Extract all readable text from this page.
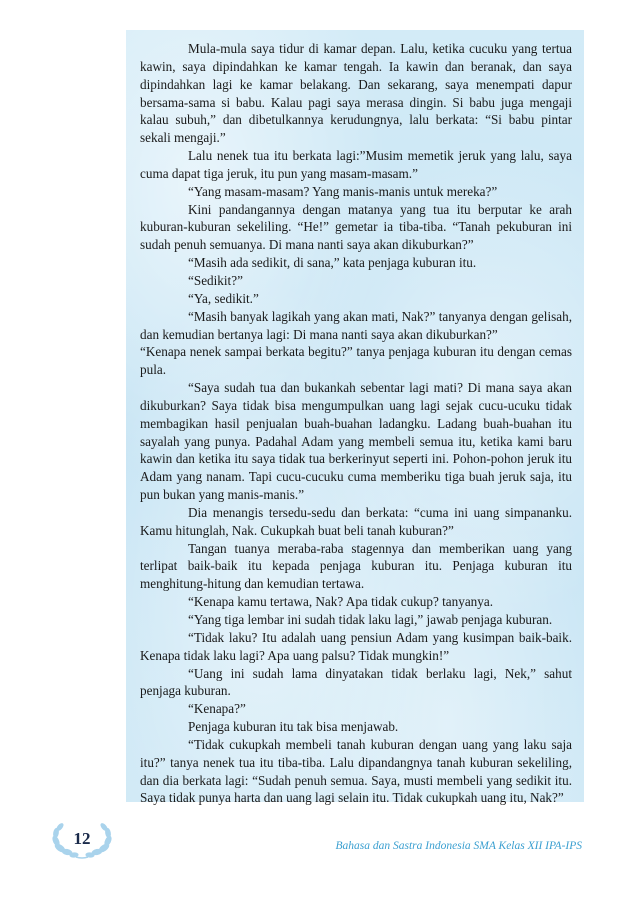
Mula-mula saya tidur di kamar depan. Lalu, ketika cucuku yang tertua kawin, saya dipindahkan ke kamar tengah. Ia kawin dan beranak, dan saya dipindahkan lagi ke kamar belakang. Dan sekarang, saya menempati dapur bersama-sama si babu. Kalau pagi saya merasa dingin. Si babu juga mengaji kalau subuh,” dan dibetulkannya kerudungnya, lalu berkata: “Si babu pintar sekali mengaji.”

Lalu nenek tua itu berkata lagi:”Musim memetik jeruk yang lalu, saya cuma dapat tiga jeruk, itu pun yang masam-masam.”

“Yang masam-masam? Yang manis-manis untuk mereka?”

Kini pandangannya dengan matanya yang tua itu berputar ke arah kuburan-kuburan sekeliling. “He!” gemetar ia tiba-tiba. “Tanah pekuburan ini sudah penuh semuanya. Di mana nanti saya akan dikuburkan?”

“Masih ada sedikit, di sana,” kata penjaga kuburan itu.

“Sedikit?”

“Ya, sedikit.”

“Masih banyak lagikah yang akan mati, Nak?” tanyanya dengan gelisah, dan kemudian bertanya lagi: Di mana nanti saya akan dikuburkan?”

“Kenapa nenek sampai berkata begitu?” tanya penjaga kuburan itu dengan cemas pula.

“Saya sudah tua dan bukankah sebentar lagi mati? Di mana saya akan dikuburkan? Saya tidak bisa mengumpulkan uang lagi sejak cucu-ucuku tidak membagikan hasil penjualan buah-buahan ladangku. Ladang buah-buahan itu sayalah yang punya. Padahal Adam yang membeli semua itu, ketika kami baru kawin dan ketika itu saya tidak tua berkerinyut seperti ini. Pohon-pohon jeruk itu Adam yang nanam. Tapi cucu-cucuku cuma memberiku tiga buah jeruk saja, itu pun bukan yang manis-manis.”

Dia menangis tersedu-sedu dan berkata: “cuma ini uang simpananku. Kamu hitunglah, Nak. Cukupkah buat beli tanah kuburan?”

Tangan tuanya meraba-raba stagennya dan memberikan uang yang terlipat baik-baik itu kepada penjaga kuburan itu. Penjaga kuburan itu menghitung-hitung dan kemudian tertawa.

“Kenapa kamu tertawa, Nak? Apa tidak cukup? tanyanya.

“Yang tiga lembar ini sudah tidak laku lagi,” jawab penjaga kuburan.

“Tidak laku? Itu adalah uang pensiun Adam yang kusimpan baik-baik. Kenapa tidak laku lagi? Apa uang palsu? Tidak mungkin!”

“Uang ini sudah lama dinyatakan tidak berlaku lagi, Nek,” sahut penjaga kuburan.

“Kenapa?”

Penjaga kuburan itu tak bisa menjawab.

“Tidak cukupkah membeli tanah kuburan dengan uang yang laku saja itu?” tanya nenek tua itu tiba-tiba. Lalu dipandangnya tanah kuburan sekeliling, dan dia berkata lagi: “Sudah penuh semua. Saya, musti membeli yang sedikit itu. Saya tidak punya harta dan uang lagi selain itu. Tidak cukupkah uang itu, Nak?”

12	Bahasa dan Sastra Indonesia SMA Kelas XII IPA-IPS
